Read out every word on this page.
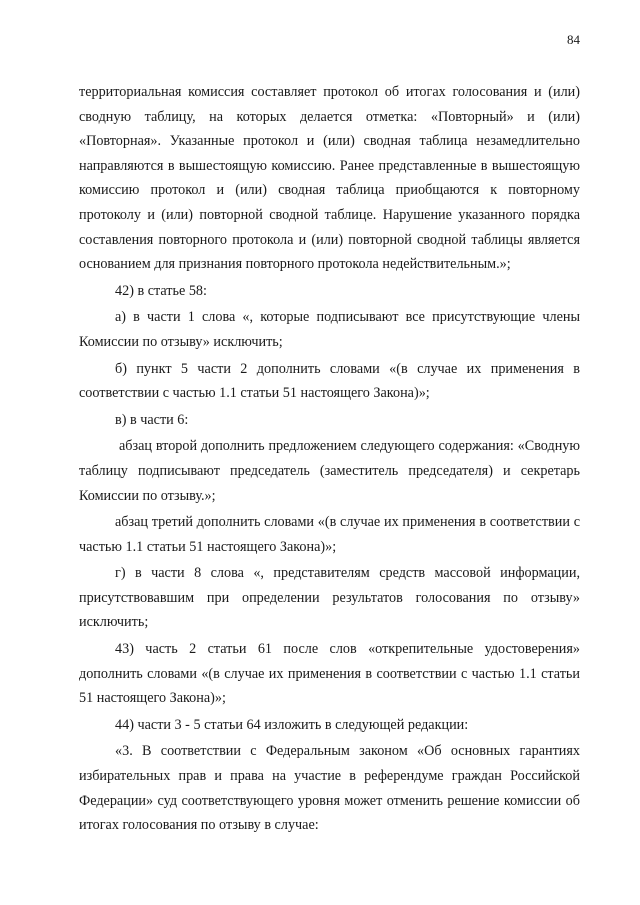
84

территориальная комиссия составляет протокол об итогах голосования и (или) сводную таблицу, на которых делается отметка: «Повторный» и (или) «Повторная». Указанные протокол и (или) сводная таблица незамедлительно направляются в вышестоящую комиссию. Ранее представленные в вышестоящую комиссию протокол и (или) сводная таблица приобщаются к повторному протоколу и (или) повторной сводной таблице. Нарушение указанного порядка составления повторного протокола и (или) повторной сводной таблицы является основанием для признания повторного протокола недействительным.»;

42) в статье 58:

а) в части 1 слова «, которые подписывают все присутствующие члены Комиссии по отзыву» исключить;

б) пункт 5 части 2 дополнить словами «(в случае их применения в соответствии с частью 1.1 статьи 51 настоящего Закона)»;

в) в части 6:

абзац второй дополнить предложением следующего содержания: «Сводную таблицу подписывают председатель (заместитель председателя) и секретарь Комиссии по отзыву.»;

абзац третий дополнить словами «(в случае их применения в соответствии с частью 1.1 статьи 51 настоящего Закона)»;

г) в части 8 слова «, представителям средств массовой информации, присутствовавшим при определении результатов голосования по отзыву» исключить;

43) часть 2 статьи 61 после слов «открепительные удостоверения» дополнить словами «(в случае их применения в соответствии с частью 1.1 статьи 51 настоящего Закона)»;

44) части 3 - 5 статьи 64 изложить в следующей редакции:

«3. В соответствии с Федеральным законом «Об основных гарантиях избирательных прав и права на участие в референдуме граждан Российской Федерации» суд соответствующего уровня может отменить решение комиссии об итогах голосования по отзыву в случае:
